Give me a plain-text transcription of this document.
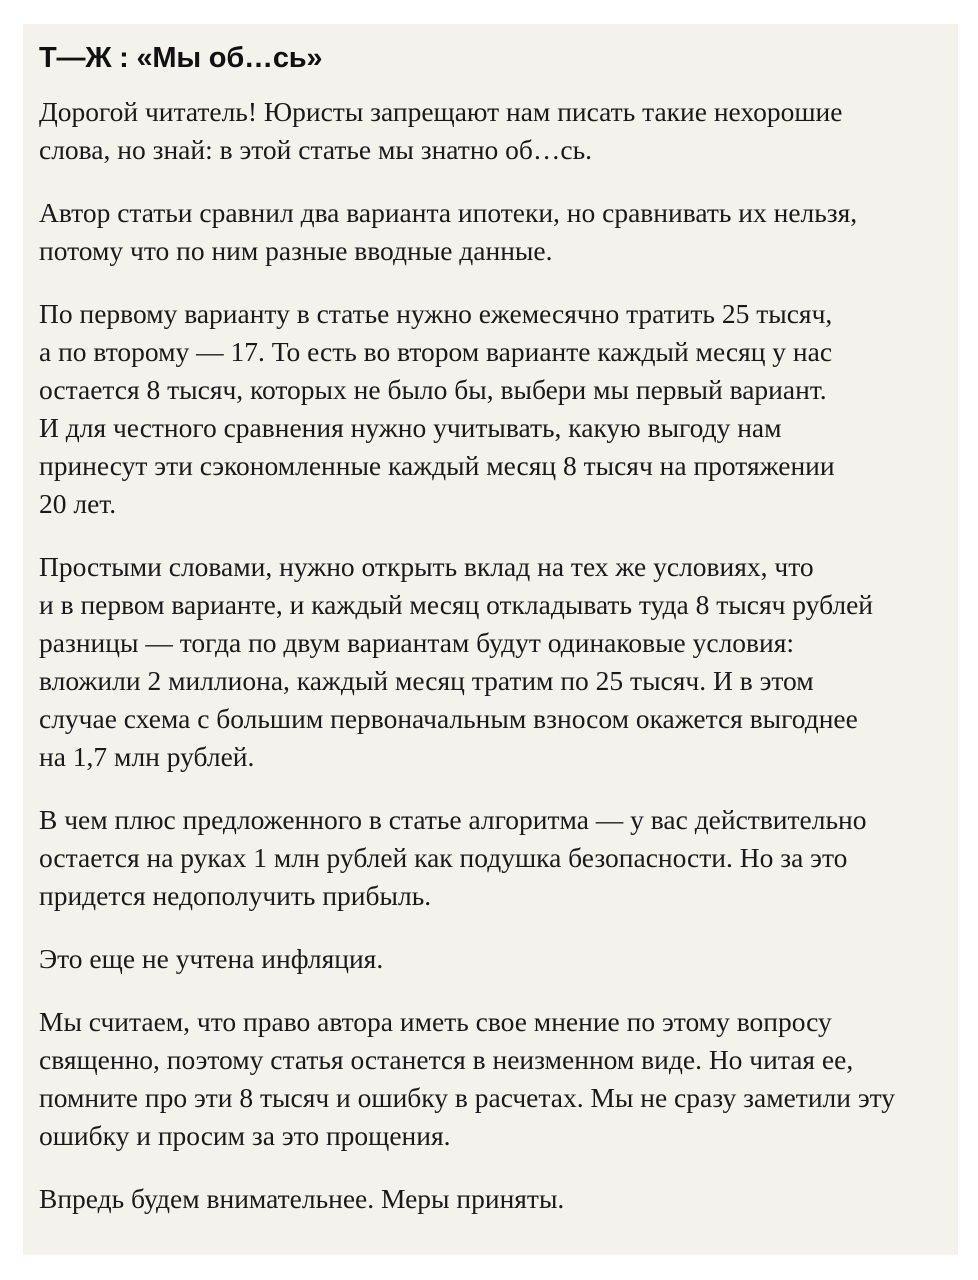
Т—Ж : «Мы об…сь»

Дорогой читатель! Юристы запрещают нам писать такие нехорошие
слова, но знай: в этой статье мы знатно об…сь.

Автор статьи сравнил два варианта ипотеки, но сравнивать их нельзя,
потому что по ним разные вводные данные.

По первому варианту в статье нужно ежемесячно тратить 25 тысяч,
а по второму — 17. То есть во втором варианте каждый месяц у нас
остается 8 тысяч, которых не было бы, выбери мы первый вариант.
И для честного сравнения нужно учитывать, какую выгоду нам
принесут эти сэкономленные каждый месяц 8 тысяч на протяжении
20 лет.

Простыми словами, нужно открыть вклад на тех же условиях, что
и в первом варианте, и каждый месяц откладывать туда 8 тысяч рублей
разницы — тогда по двум вариантам будут одинаковые условия:
вложили 2 миллиона, каждый месяц тратим по 25 тысяч. И в этом
случае схема с большим первоначальным взносом окажется выгоднее
на 1,7 млн рублей.

В чем плюс предложенного в статье алгоритма — у вас действительно
остается на руках 1 млн рублей как подушка безопасности. Но за это
придется недополучить прибыль.

Это еще не учтена инфляция.

Мы считаем, что право автора иметь свое мнение по этому вопросу
священно, поэтому статья останется в неизменном виде. Но читая ее,
помните про эти 8 тысяч и ошибку в расчетах. Мы не сразу заметили эту
ошибку и просим за это прощения.

Впредь будем внимательнее. Меры приняты.
